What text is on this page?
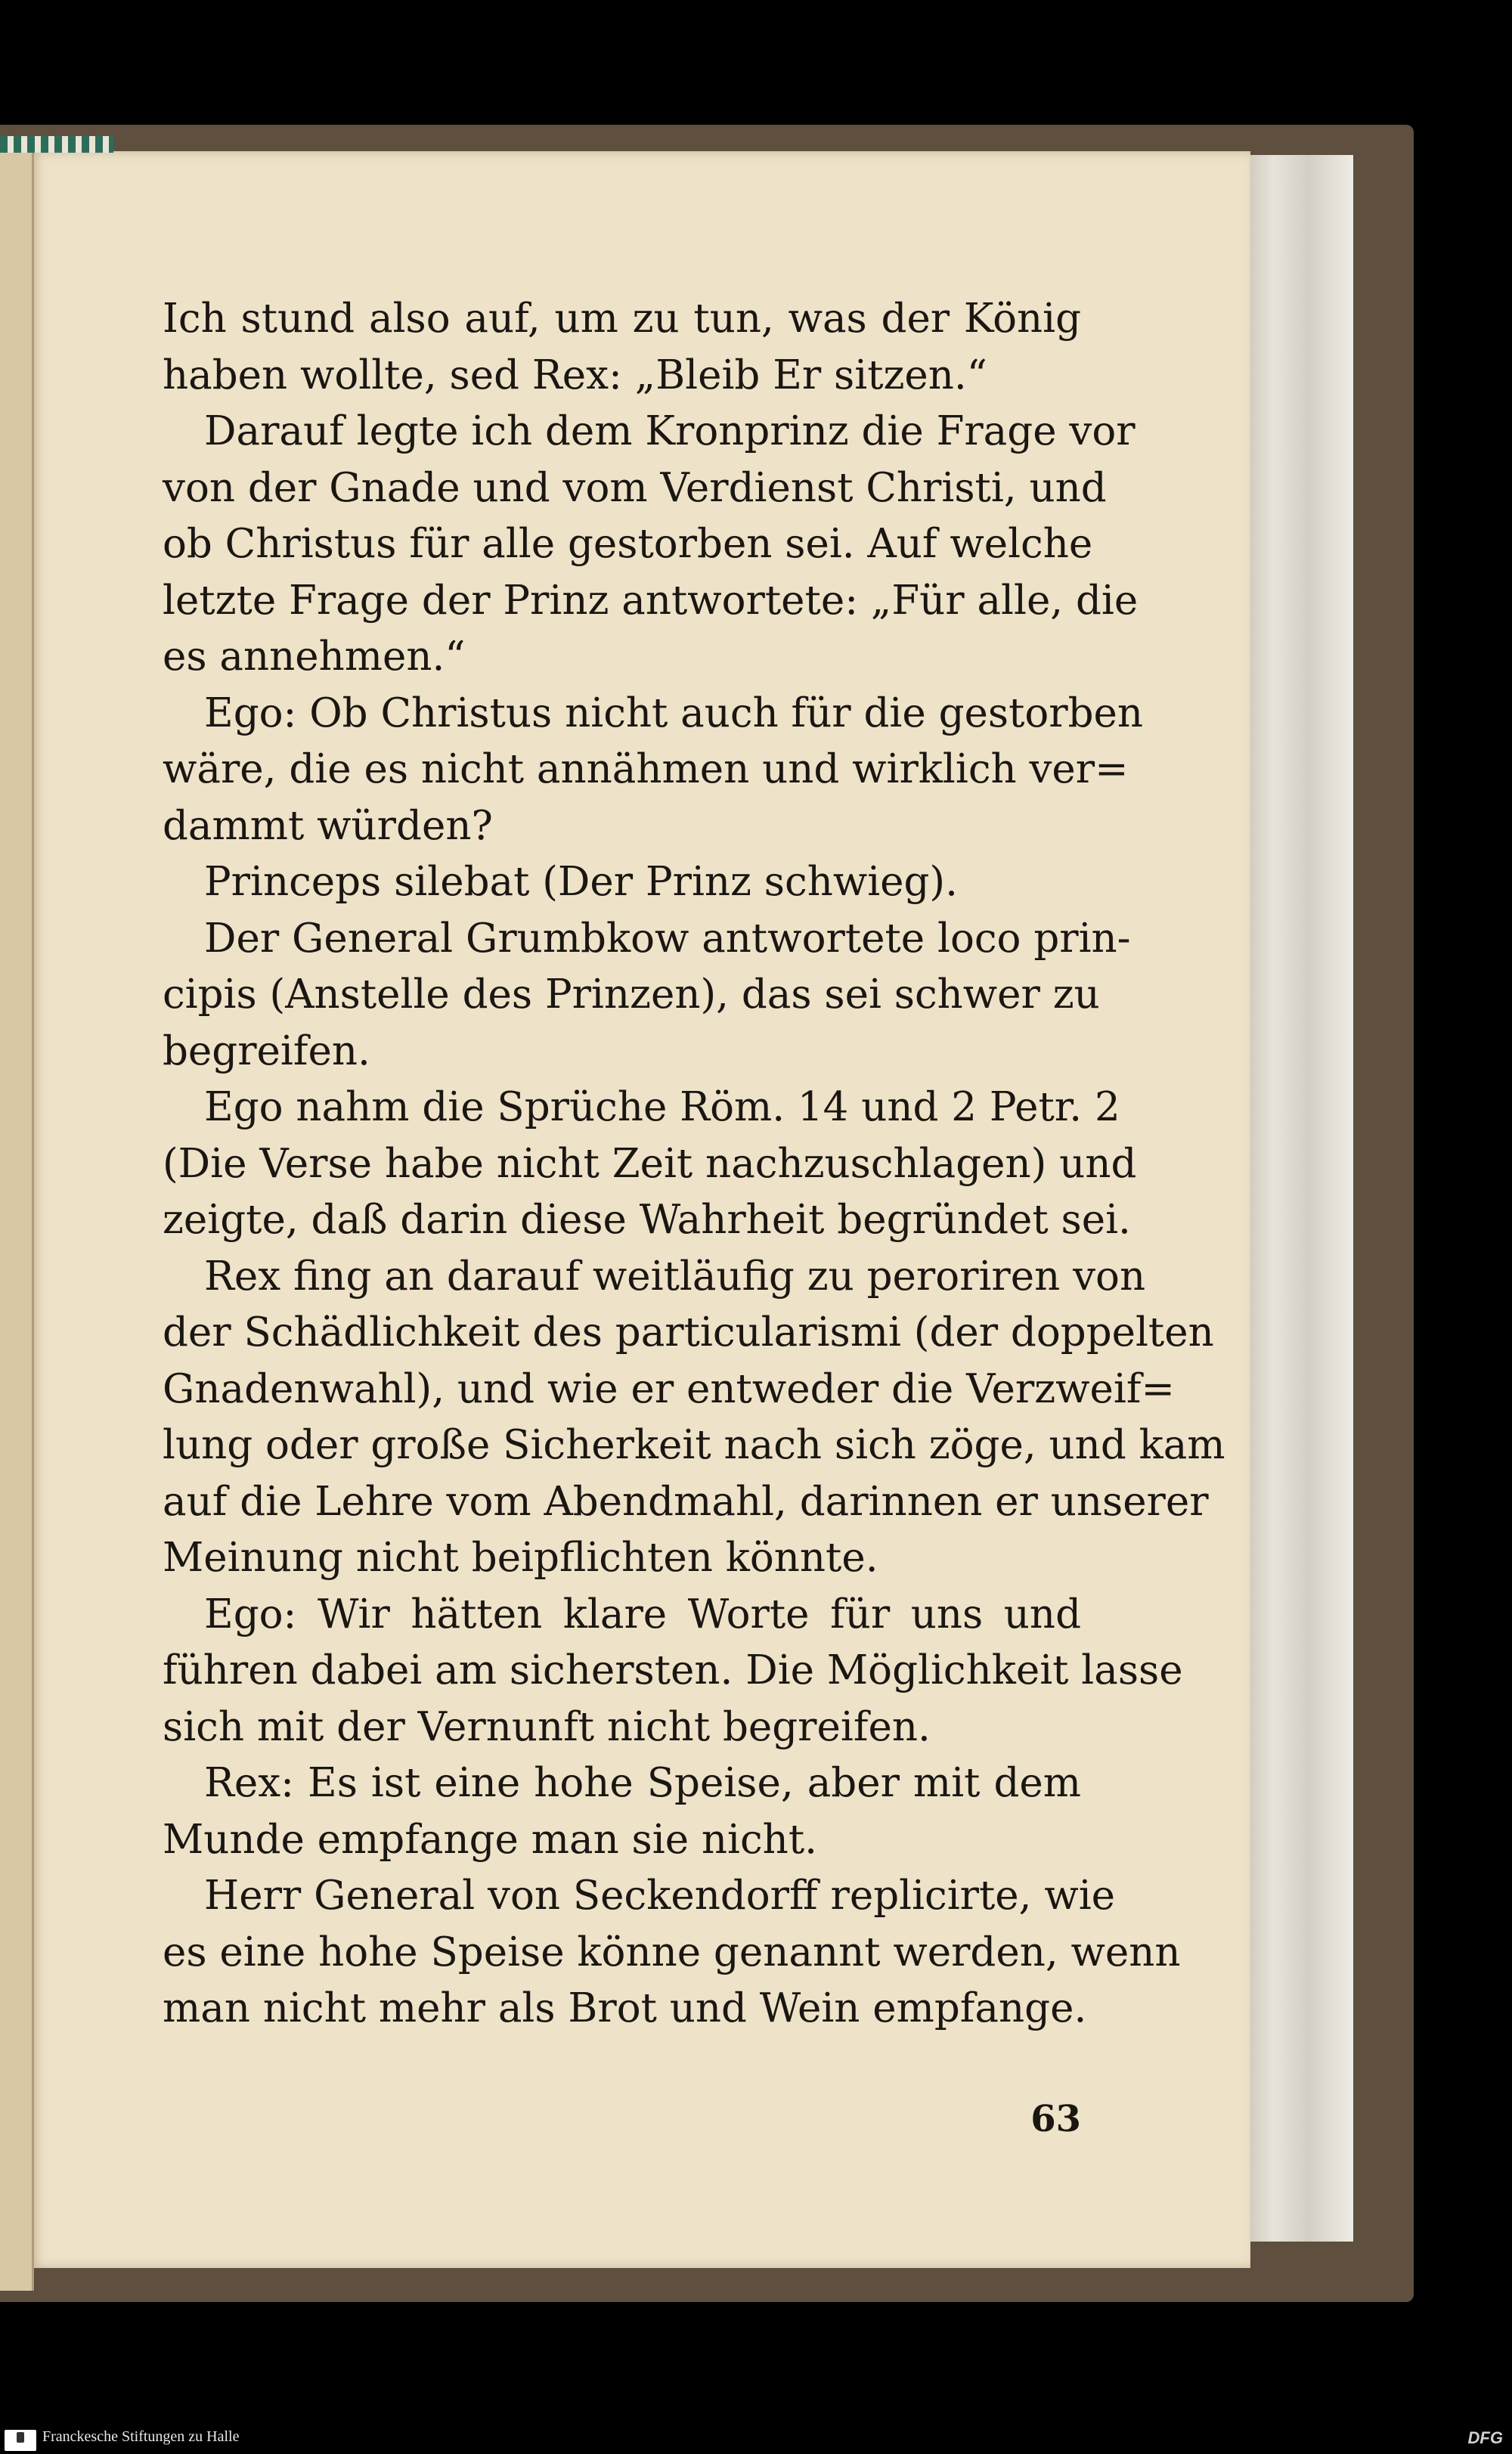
Ich stund also auf, um zu tun, was der König
haben wollte, sed Rex: „Bleib Er sitzen.“
Darauf legte ich dem Kronprinz die Frage vor
von der Gnade und vom Verdienst Christi, und
ob Christus für alle gestorben sei. Auf welche
letzte Frage der Prinz antwortete: „Für alle, die
es annehmen.“
Ego: Ob Christus nicht auch für die gestorben
wäre, die es nicht annähmen und wirklich ver=
dammt würden?
Princeps silebat (Der Prinz schwieg).
Der General Grumbkow antwortete loco prin-
cipis (Anstelle des Prinzen), das sei schwer zu
begreifen.
Ego nahm die Sprüche Röm. 14 und 2 Petr. 2
(Die Verse habe nicht Zeit nachzuschlagen) und
zeigte, daß darin diese Wahrheit begründet sei.
Rex fing an darauf weitläufig zu peroriren von
der Schädlichkeit des particularismi (der doppelten
Gnadenwahl), und wie er entweder die Verzweif=
lung oder große Sicherkeit nach sich zöge, und kam
auf die Lehre vom Abendmahl, darinnen er unserer
Meinung nicht beipflichten könnte.
Ego: Wir hätten klare Worte für uns und
führen dabei am sichersten. Die Möglichkeit lasse
sich mit der Vernunft nicht begreifen.
Rex: Es ist eine hohe Speise, aber mit dem
Munde empfange man sie nicht.
Herr General von Seckendorff replicirte, wie
es eine hohe Speise könne genannt werden, wenn
man nicht mehr als Brot und Wein empfange.
63
Franckesche Stiftungen zu Halle	DFG
